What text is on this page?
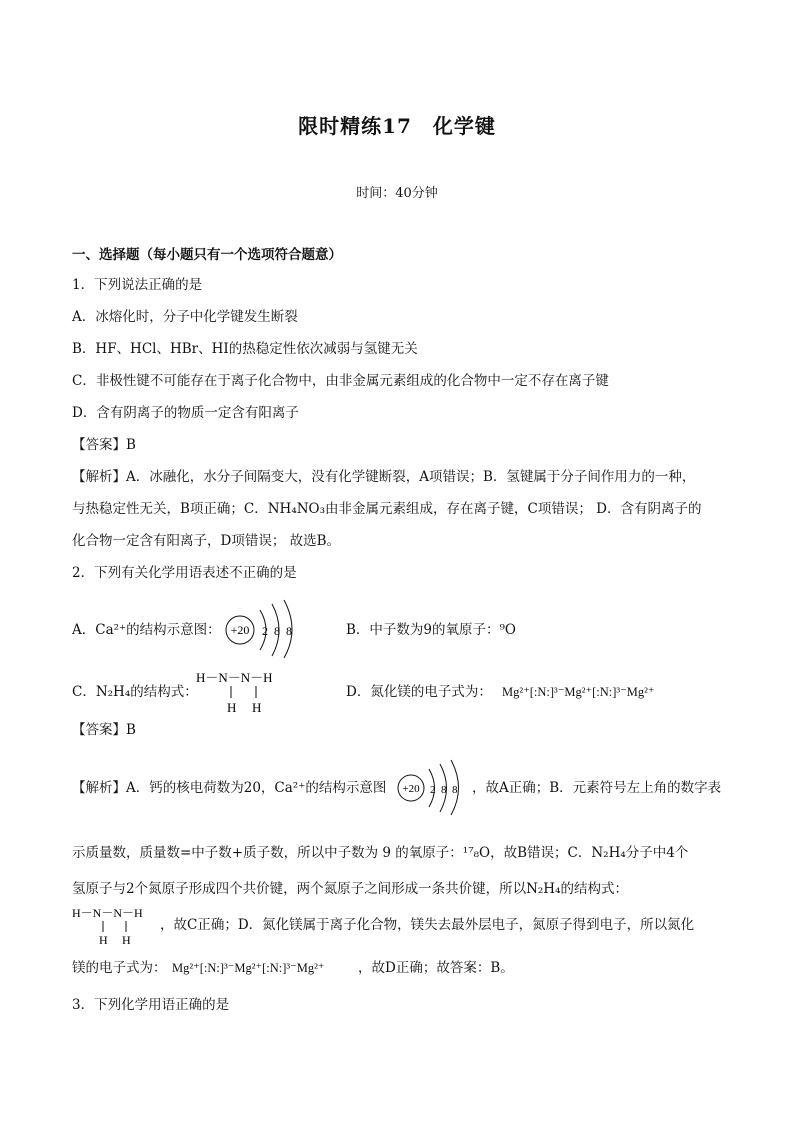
限时精练17　化学键
时间：40分钟
一、选择题（每小题只有一个选项符合题意）
1．下列说法正确的是
A．冰熔化时，分子中化学键发生断裂
B．HF、HCl、HBr、HI的热稳定性依次减弱与氢键无关
C．非极性键不可能存在于离子化合物中，由非金属元素组成的化合物中一定不存在离子键
D．含有阴离子的物质一定含有阳离子
【答案】B
【解析】A．冰融化，水分子间隔变大，没有化学键断裂，A项错误；B．氢键属于分子间作用力的一种，
与热稳定性无关，B项正确；C．NH₄NO₃由非金属元素组成，存在离子键，C项错误； D．含有阴离子的
化合物一定含有阳离子，D项错误； 故选B。
2．下列有关化学用语表述不正确的是
A．Ca²⁺的结构示意图： +20 2 8 8	B．中子数为9的氧原子：⁹O
C．N₂H₄的结构式：
H－N－N－H
H H
D．氮化镁的电子式为： Mg²⁺[:N:]³⁻Mg²⁺[:N:]³⁻Mg²⁺
【答案】B
【解析】A．钙的核电荷数为20，Ca²⁺的结构示意图 +20 2 8 8 ，故A正确；B．元素符号左上角的数字表
示质量数，质量数=中子数+质子数，所以中子数为 9 的氧原子：¹⁷₈O，故B错误；C．N₂H₄分子中4个
氢原子与2个氮原子形成四个共价键，两个氮原子之间形成一条共价键，所以N₂H₄的结构式：
H－N－N－H
H H
，故C正确；D．氮化镁属于离子化合物，镁失去最外层电子，氮原子得到电子，所以氮化
镁的电子式为： Mg²⁺[:N:]³⁻Mg²⁺[:N:]³⁻Mg²⁺ ，故D正确；故答案：B。
3．下列化学用语正确的是
